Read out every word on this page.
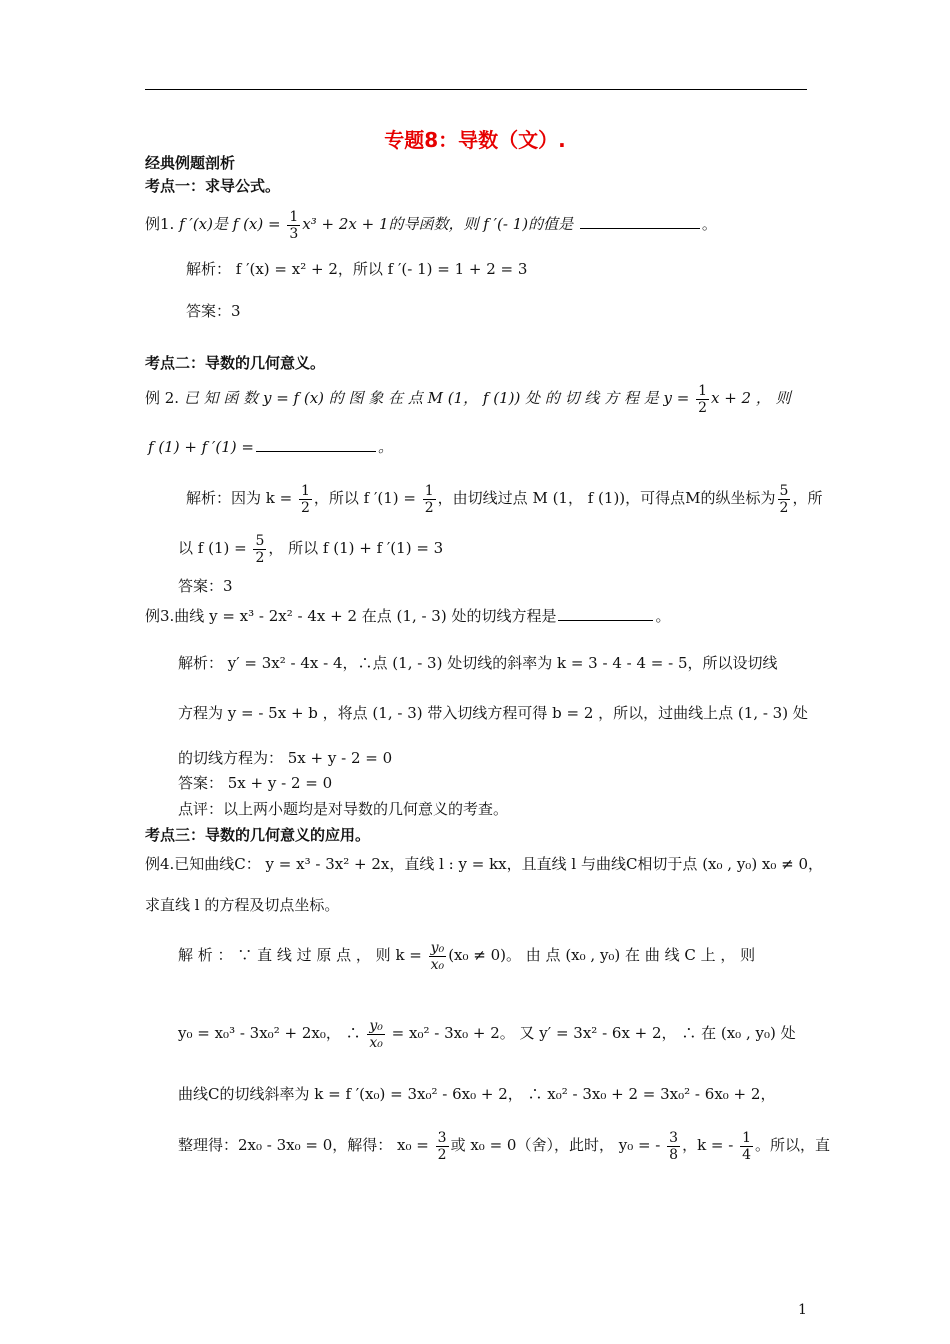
专题8：导数（文）.
经典例题剖析
考点一：求导公式。
例1. f ′(x)是 f $(x) = \frac{1}{3} x^3 + 2x + 1$的导函数，则 f ′(- 1)的值是	。
解析： f ′(x) = x² + 2，所以 f ′(- 1) = 1 + 2 = 3
答案：3
考点二：导数的几何意义。
例 2. 已 知 函 数 y = f (x) 的 图 象 在 点 M (1， f (1)) 处 的 切 线 方 程 是 $y = \frac{1}{2}$ x + 2 ， 则
f (1) + f ′(1) =	。
解析：因为 $k = \frac{1}{2}$ ，所以 f $'(1) = \frac{1}{2}$ ，由切线过点 M (1， f (1))，可得点M的纵坐标为 $\frac{5}{2}$ ，所
以 f $(1) = \frac{5}{2}$ ， 所以 f (1) + f ′(1) = 3
答案：3
例3.曲线 y = x³ - 2x² - 4x + 2 在点 (1, - 3) 处的切线方程是	。
解析： y′ = 3x² - 4x - 4，∴点 (1, - 3) 处切线的斜率为 k = 3 - 4 - 4 = - 5，所以设切线
方程为 y = - 5x + b ，将点 (1, - 3) 带入切线方程可得 b = 2 ，所以，过曲线上点 (1, - 3) 处
的切线方程为： 5x + y - 2 = 0
答案： 5x + y - 2 = 0
点评：以上两小题均是对导数的几何意义的考查。
考点三：导数的几何意义的应用。
例4.已知曲线C： y = x³ - 3x² + 2x，直线 l : y = kx，且直线 l 与曲线C相切于点 (x₀ , y₀) x₀ ≠ 0，
求直线 l 的方程及切点坐标。
解 析 ： ∵ 直 线 过 原 点 ， 则 $k = \frac{\text{y₀}}{\text{x₀}} (x_0 \ne 0)$。 由 点 (x₀ , y₀) 在 曲 线 C 上 ， 则
y₀ = x₀³ - 3x₀² + 2x₀， ∴ $\frac{\text{y₀}}{\text{x₀}} = x_0^2 - 3x_0 + 2$。 又 y′ = 3x² - 6x + 2， ∴ 在 (x₀ , y₀) 处
曲线C的切线斜率为 k = f ′(x₀) = 3x₀² - 6x₀ + 2， ∴ x₀² - 3x₀ + 2 = 3x₀² - 6x₀ + 2，
整理得：2x₀ - 3x₀ = 0，解得： $x_0 = \frac{3}{2}$ 或 x₀ = 0（舍），此时， y₀ = - $\frac{3}{8}$ ，k = - $\frac{1}{4}$ 。所以，直
1
